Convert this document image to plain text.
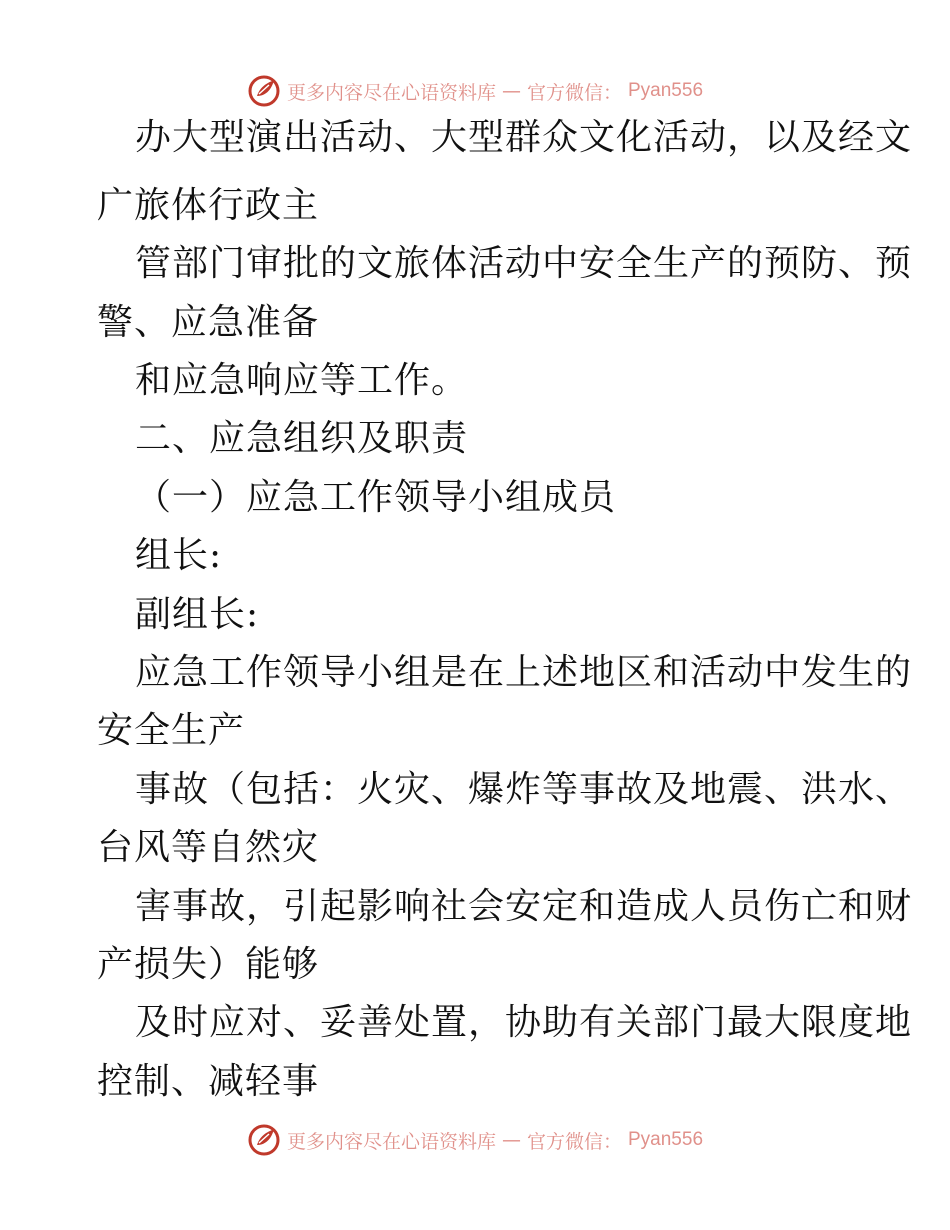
更多内容尽在心语资料库 — 官方微信： Pyan556
办大型演出活动、大型群众文化活动，以及经文
广旅体行政主
管部门审批的文旅体活动中安全生产的预防、预
警、应急准备
和应急响应等工作。
二、应急组织及职责
（一）应急工作领导小组成员
组长:
副组长:
应急工作领导小组是在上述地区和活动中发生的
安全生产
事故（包括：火灾、爆炸等事故及地震、洪水、
台风等自然灾
害事故，引起影响社会安定和造成人员伤亡和财
产损失）能够
及时应对、妥善处置，协助有关部门最大限度地
控制、减轻事
更多内容尽在心语资料库 — 官方微信： Pyan556
